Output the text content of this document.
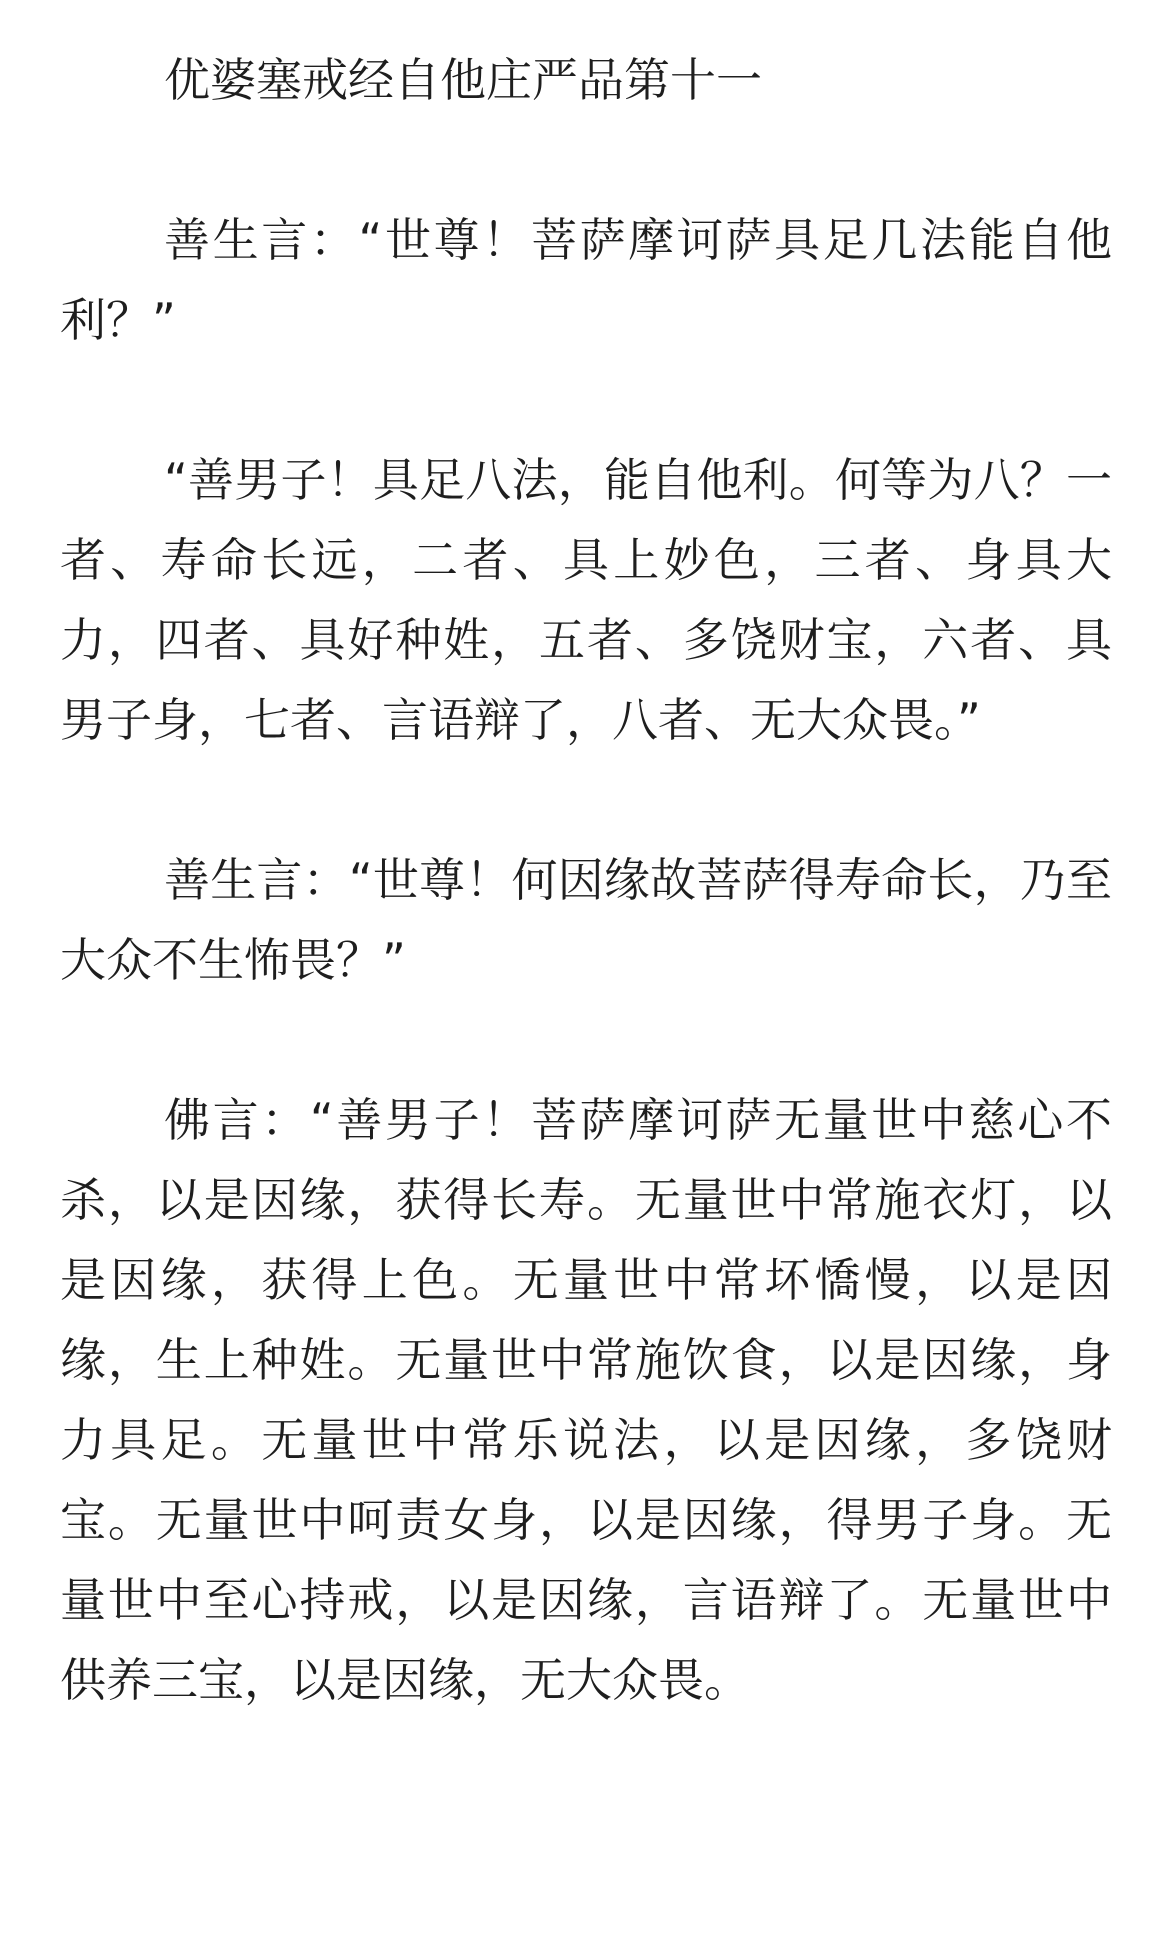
优婆塞戒经自他庄严品第十一

善生言：“世尊！菩萨摩诃萨具足几法能自他利？”

“善男子！具足八法，能自他利。何等为八？一者、寿命长远，二者、具上妙色，三者、身具大力，四者、具好种姓，五者、多饶财宝，六者、具男子身，七者、言语辩了，八者、无大众畏。”

善生言：“世尊！何因缘故菩萨得寿命长，乃至大众不生怖畏？”

佛言：“善男子！菩萨摩诃萨无量世中慈心不杀，以是因缘，获得长寿。无量世中常施衣灯，以是因缘，获得上色。无量世中常坏憍慢，以是因缘，生上种姓。无量世中常施饮食，以是因缘，身力具足。无量世中常乐说法，以是因缘，多饶财宝。无量世中呵责女身，以是因缘，得男子身。无量世中至心持戒，以是因缘，言语辩了。无量世中供养三宝，以是因缘，无大众畏。
